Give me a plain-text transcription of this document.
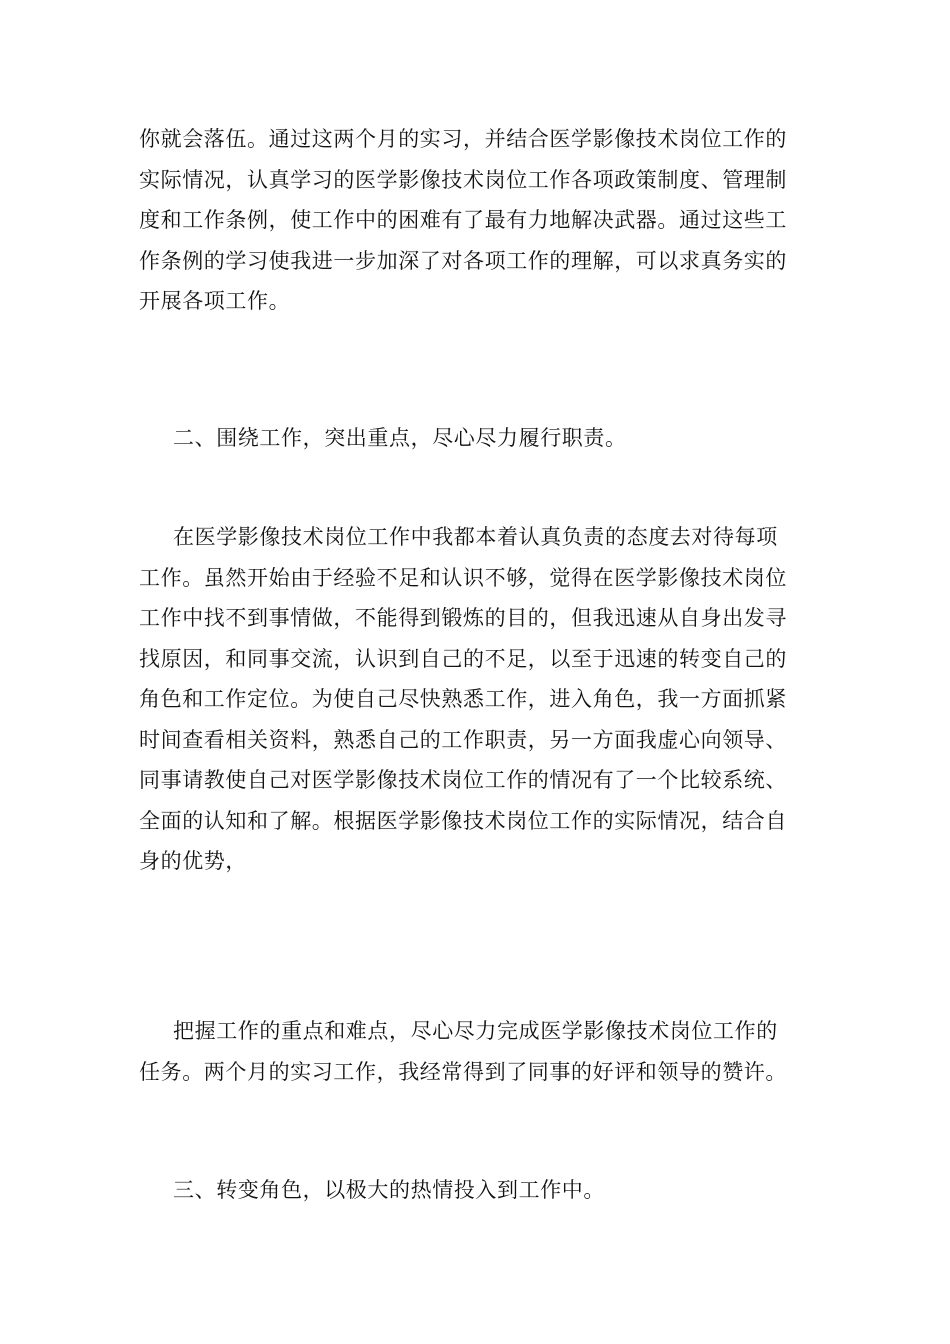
你就会落伍。通过这两个月的实习，并结合医学影像技术岗位工作的
实际情况，认真学习的医学影像技术岗位工作各项政策制度、管理制
度和工作条例，使工作中的困难有了最有力地解决武器。通过这些工
作条例的学习使我进一步加深了对各项工作的理解，可以求真务实的
开展各项工作。
二、围绕工作，突出重点，尽心尽力履行职责。
在医学影像技术岗位工作中我都本着认真负责的态度去对待每项
工作。虽然开始由于经验不足和认识不够，觉得在医学影像技术岗位
工作中找不到事情做，不能得到锻炼的目的，但我迅速从自身出发寻
找原因，和同事交流，认识到自己的不足，以至于迅速的转变自己的
角色和工作定位。为使自己尽快熟悉工作，进入角色，我一方面抓紧
时间查看相关资料，熟悉自己的工作职责，另一方面我虚心向领导、
同事请教使自己对医学影像技术岗位工作的情况有了一个比较系统、
全面的认知和了解。根据医学影像技术岗位工作的实际情况，结合自
身的优势，
把握工作的重点和难点，尽心尽力完成医学影像技术岗位工作的
任务。两个月的实习工作，我经常得到了同事的好评和领导的赞许。
三、转变角色，以极大的热情投入到工作中。
